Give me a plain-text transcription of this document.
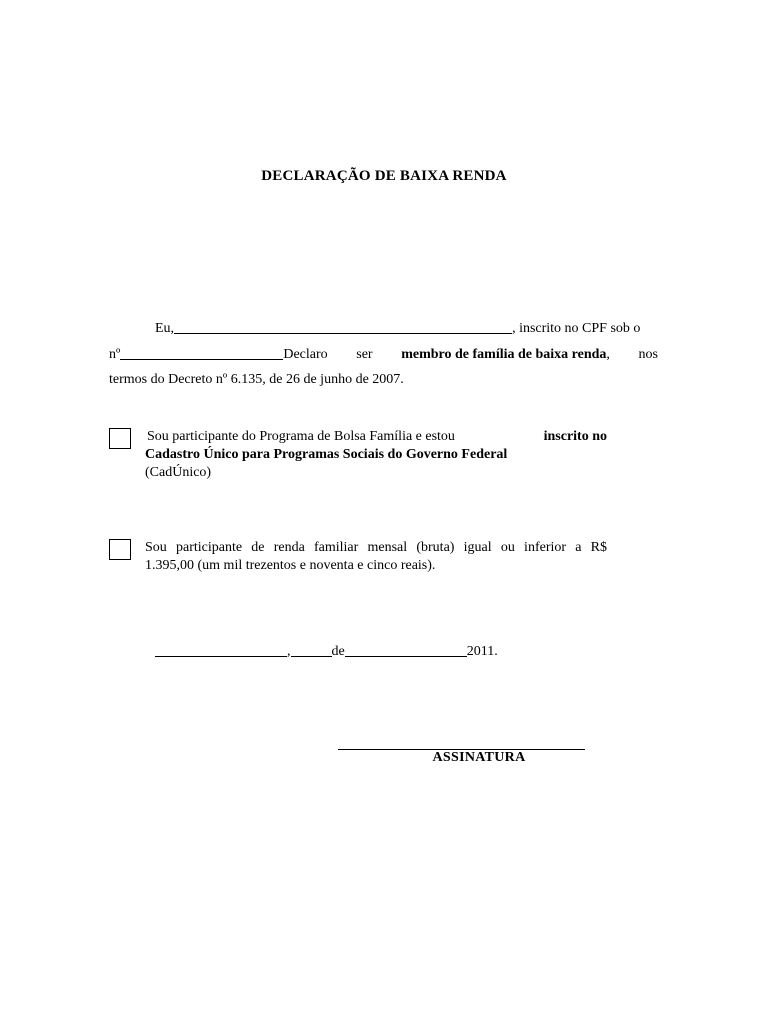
DECLARAÇÃO DE BAIXA RENDA
Eu,	, inscrito no CPF sob o
nº	Declaro ser membro de família de baixa renda, nos
termos do Decreto nº 6.135, de 26 de junho de 2007.
Sou participante do Programa de Bolsa Família e estou	inscrito no
Cadastro Único para Programas Sociais do Governo Federal
(CadÚnico)
Sou participante de renda familiar mensal (bruta) igual ou inferior a R$
1.395,00 (um mil trezentos e noventa e cinco reais).
,	de	2011.
ASSINATURA
